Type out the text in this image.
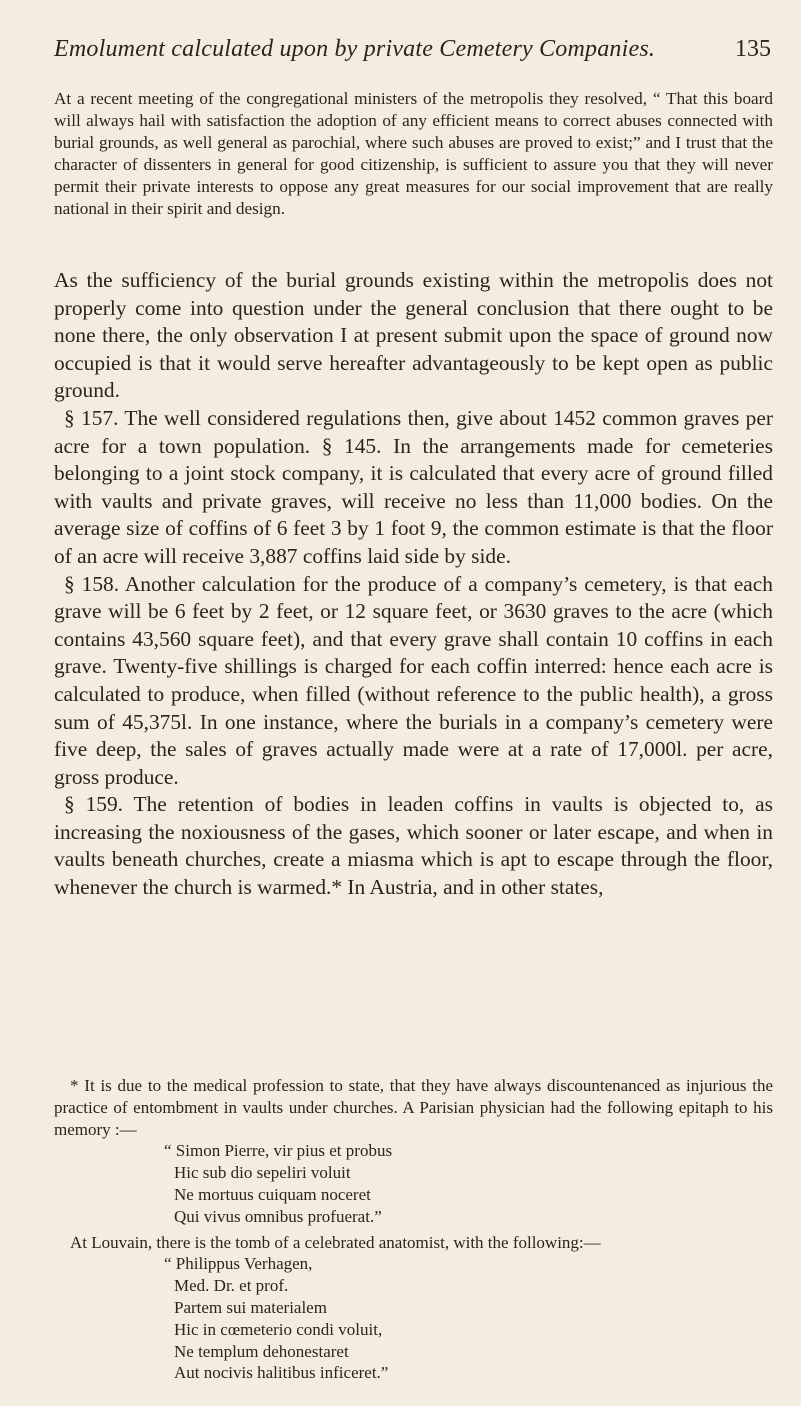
Emolument calculated upon by private Cemetery Companies.	135
At a recent meeting of the congregational ministers of the metropolis they resolved, “ That this board will always hail with satisfaction the adoption of any efficient means to correct abuses connected with burial grounds, as well general as parochial, where such abuses are proved to exist;” and I trust that the character of dissenters in general for good citizenship, is sufficient to assure you that they will never permit their private interests to oppose any great measures for our social improvement that are really national in their spirit and design.

As the sufficiency of the burial grounds existing within the metropolis does not properly come into question under the general conclusion that there ought to be none there, the only observation I at present submit upon the space of ground now occupied is that it would serve hereafter advantageously to be kept open as public ground.

§ 157. The well considered regulations then, give about 1452 common graves per acre for a town population. § 145. In the arrangements made for cemeteries belonging to a joint stock company, it is calculated that every acre of ground filled with vaults and private graves, will receive no less than 11,000 bodies. On the average size of coffins of 6 feet 3 by 1 foot 9, the common estimate is that the floor of an acre will receive 3,887 coffins laid side by side.

§ 158. Another calculation for the produce of a company’s cemetery, is that each grave will be 6 feet by 2 feet, or 12 square feet, or 3630 graves to the acre (which contains 43,560 square feet), and that every grave shall contain 10 coffins in each grave. Twenty-five shillings is charged for each coffin interred: hence each acre is calculated to produce, when filled (without reference to the public health), a gross sum of 45,375l. In one instance, where the burials in a company’s cemetery were five deep, the sales of graves actually made were at a rate of 17,000l. per acre, gross produce.

§ 159. The retention of bodies in leaden coffins in vaults is objected to, as increasing the noxiousness of the gases, which sooner or later escape, and when in vaults beneath churches, create a miasma which is apt to escape through the floor, whenever the church is warmed.* In Austria, and in other states,

* It is due to the medical profession to state, that they have always discountenanced as injurious the practice of entombment in vaults under churches. A Parisian physician had the following epitaph to his memory :—

“ Simon Pierre, vir pius et probus
Hic sub dio sepeliri voluit
Ne mortuus cuiquam noceret
Qui vivus omnibus profuerat.”

At Louvain, there is the tomb of a celebrated anatomist, with the following:—

“ Philippus Verhagen,
Med. Dr. et prof.
Partem sui materialem
Hic in cœmeterio condi voluit,
Ne templum dehonestaret
Aut nocivis halitibus inficeret.”
